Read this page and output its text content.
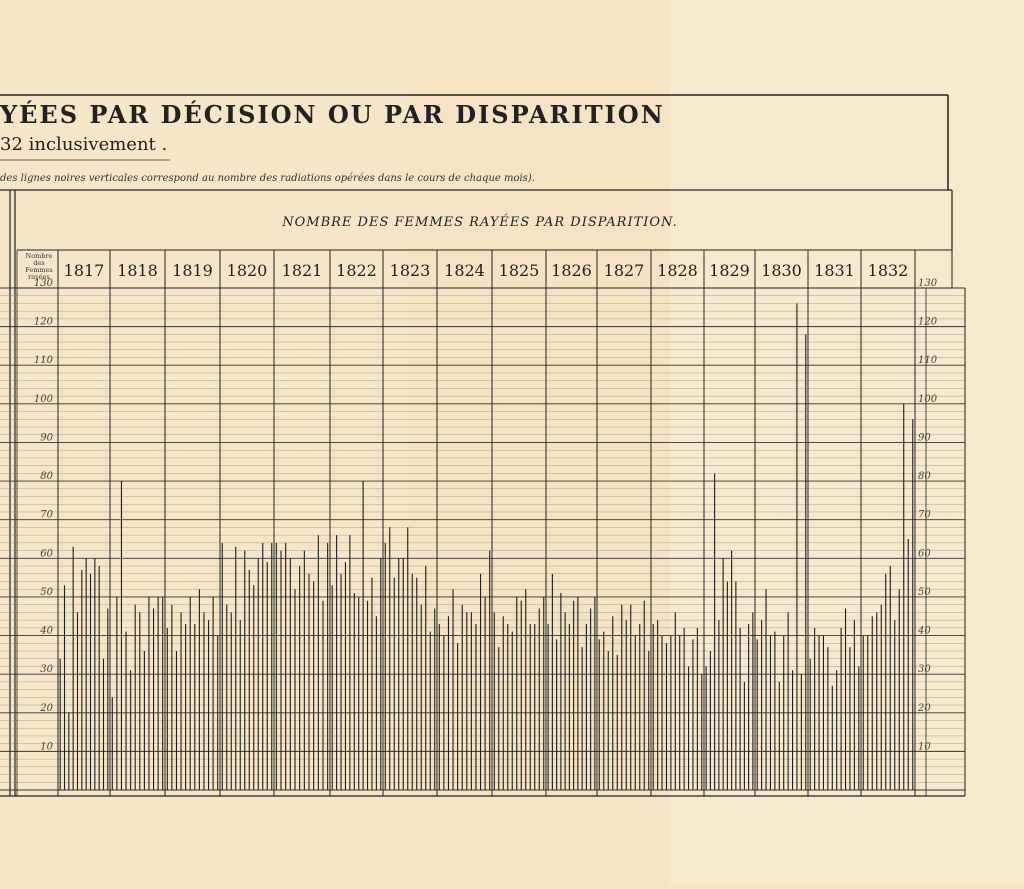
YÉES PAR DÉCISION OU PAR DISPARITION
32 inclusivement .
des lignes noires verticales correspond au nombre des radiations opérées dans le cours de chaque mois).
NOMBRE DES FEMMES RAYÉES PAR DISPARITION.
Nombre des Femmes rayées 1817 1818 1819 1820 1821 1822 1823 1824 1825 1826 1827 1828 1829 1830 1831 1832
10
20
30
40
50
60
70
80
90
100
110
120
130
10
20
30
40
50
60
70
80
90
100
110
120
130
